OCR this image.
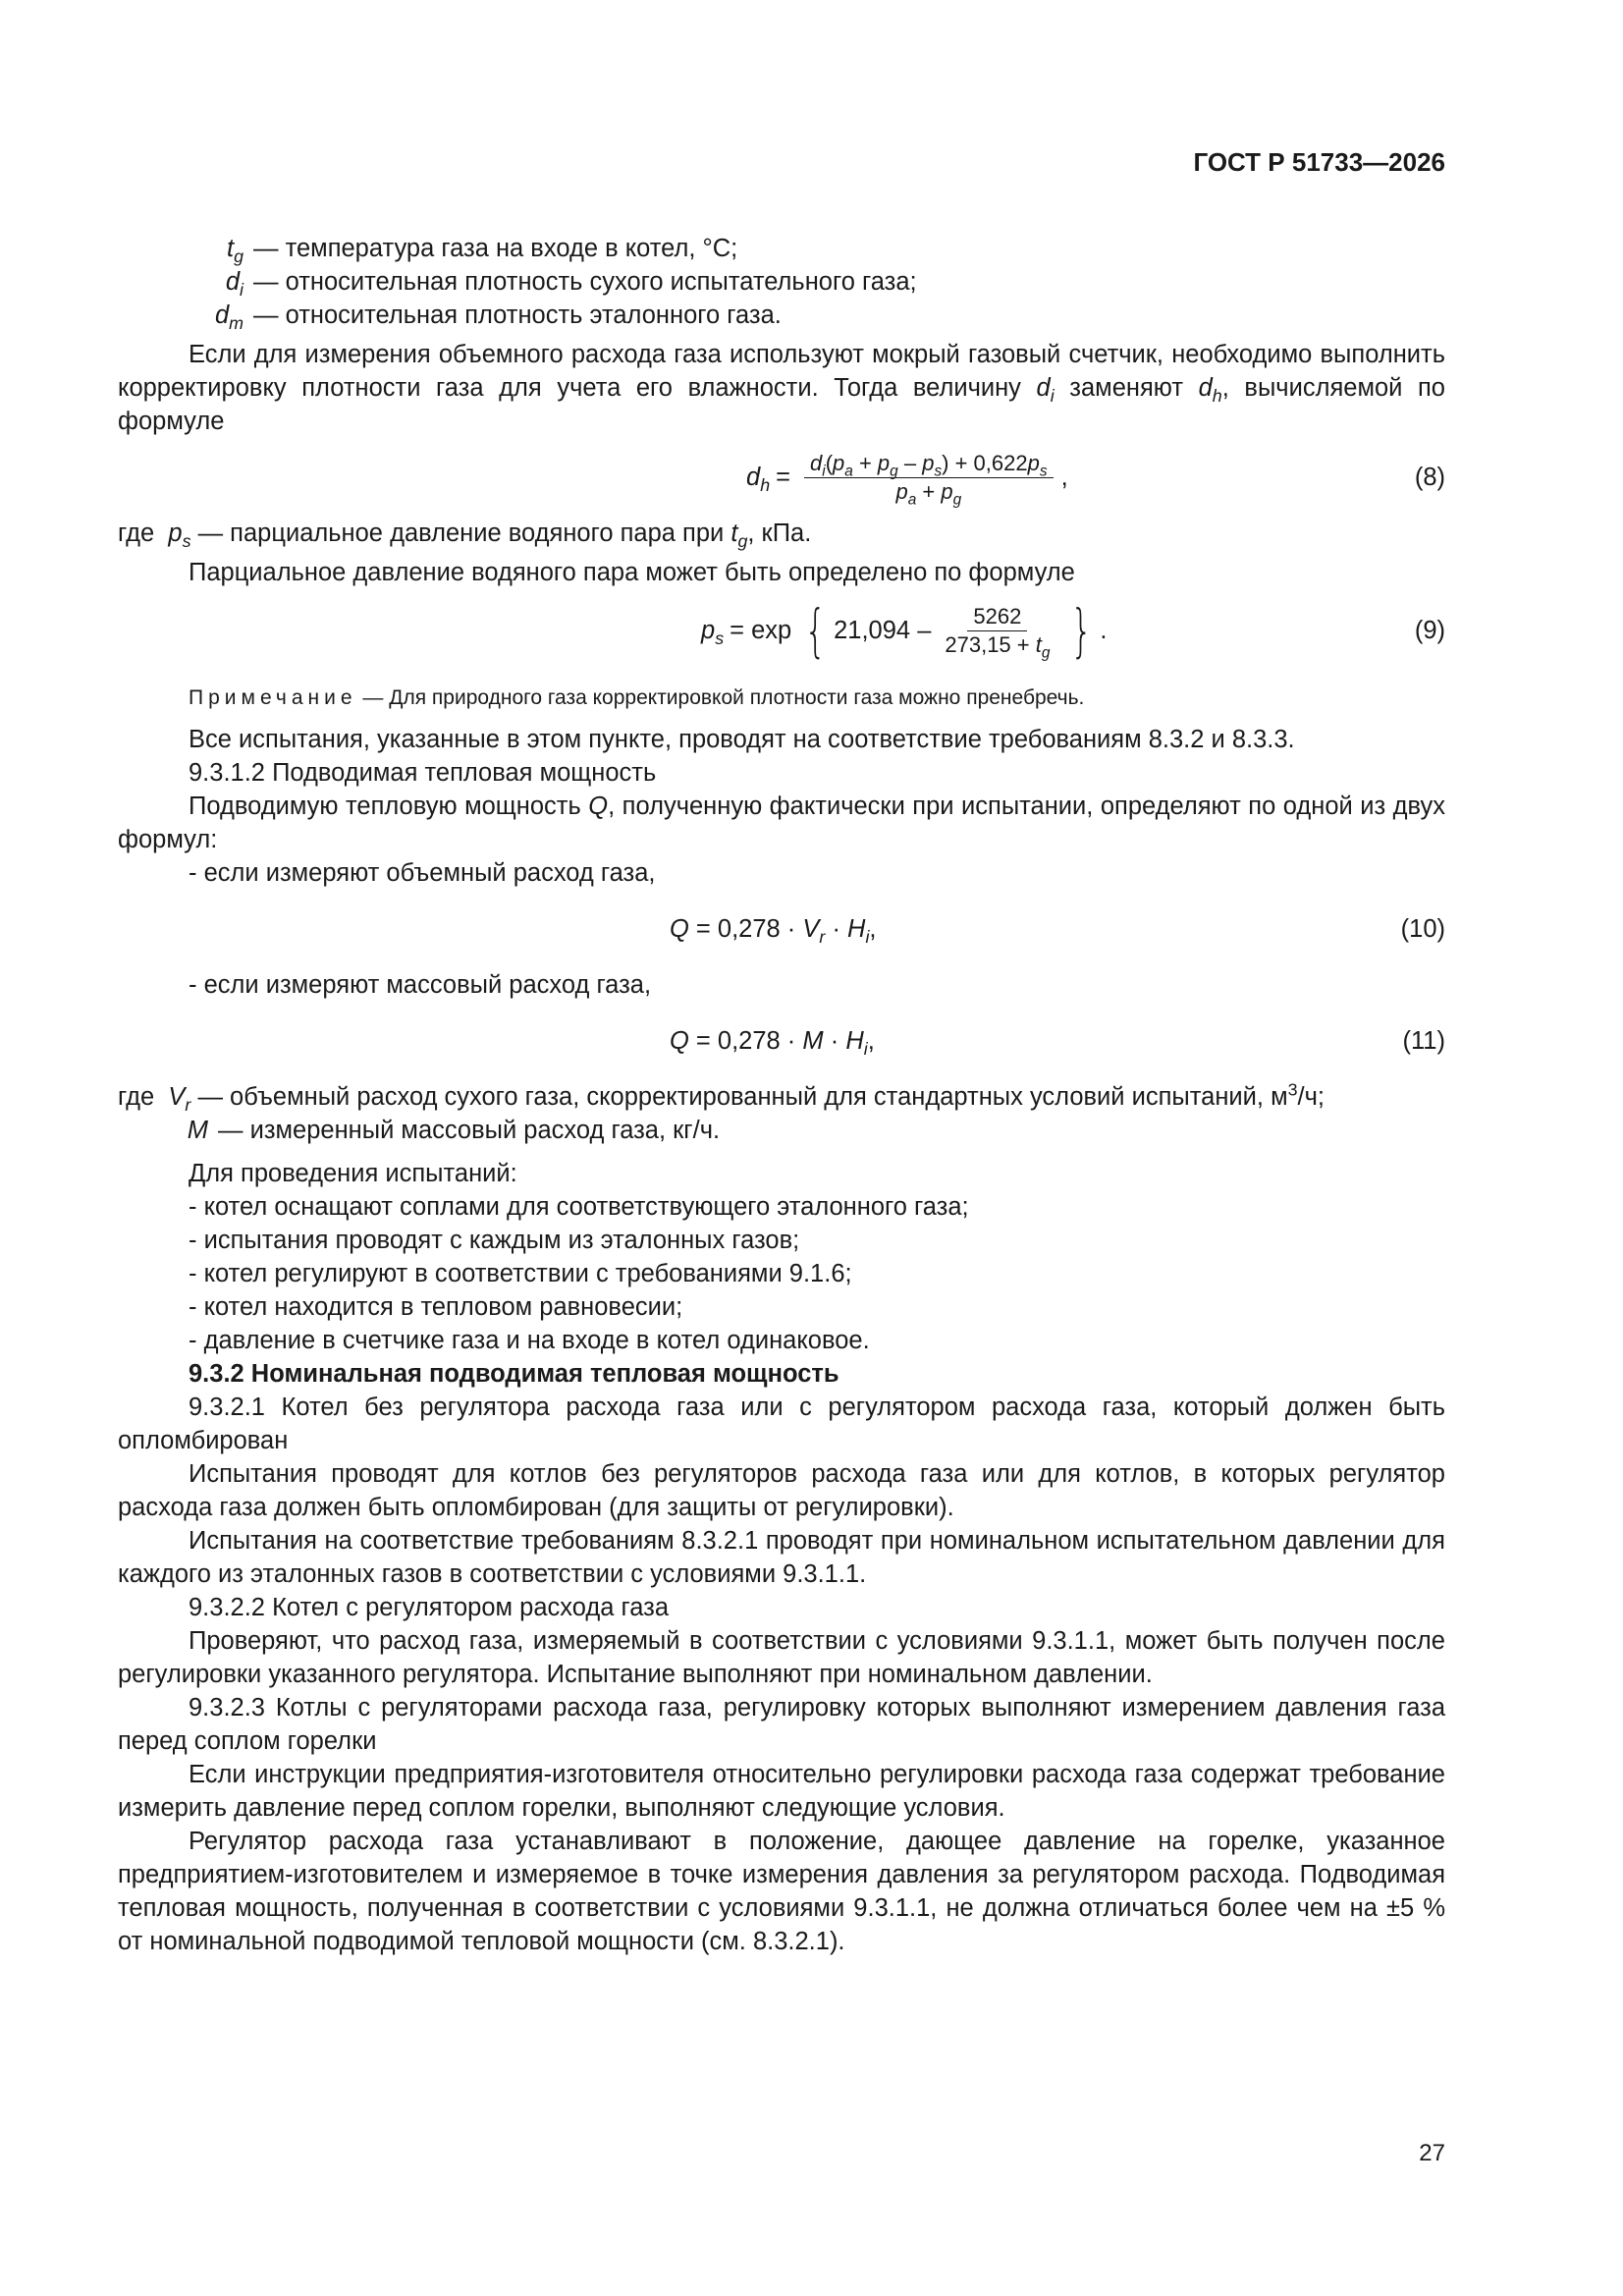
ГОСТ Р 51733—2026
$t_g$ — температура газа на входе в котел, °С;
$d_i$ — относительная плотность сухого испытательного газа;
$d_m$ — относительная плотность эталонного газа.

Если для измерения объемного расхода газа используют мокрый газовый счетчик, необходимо выполнить корректировку плотности газа для учета его влажности. Тогда величину $d_i$ заменяют $d_h$, вычисляемой по формуле

$d_h = \frac{d_i(p_a + p_g - p_s) + 0,622p_s}{p_a + p_g}$ ,	(8)

где $p_s$ — парциальное давление водяного пара при $t_g$, кПа.

Парциальное давление водяного пара может быть определено по формуле

$p_s = \exp$ { $21,094 - \frac{5262}{273,15 + t_g}$ } .	(9)

Примечание — Для природного газа корректировкой плотности газа можно пренебречь.

Все испытания, указанные в этом пункте, проводят на соответствие требованиям 8.3.2 и 8.3.3.

9.3.1.2 Подводимая тепловая мощность

Подводимую тепловую мощность Q, полученную фактически при испытании, определяют по одной из двух формул:

- если измеряют объемный расход газа,

$Q = 0,278 \cdot V_r \cdot H_i$ ,	(10)

- если измеряют массовый расход газа,

$Q = 0,278 \cdot M \cdot H_i$ ,	(11)

где $V_r$ — объемный расход сухого газа, скорректированный для стандартных условий испытаний, $м^3/ч$;

M — измеренный массовый расход газа, кг/ч.

Для проведения испытаний:

- котел оснащают соплами для соответствующего эталонного газа;

- испытания проводят с каждым из эталонных газов;

- котел регулируют в соответствии с требованиями 9.1.6;

- котел находится в тепловом равновесии;

- давление в счетчике газа и на входе в котел одинаковое.

9.3.2 Номинальная подводимая тепловая мощность

9.3.2.1 Котел без регулятора расхода газа или с регулятором расхода газа, который должен быть опломбирован

Испытания проводят для котлов без регуляторов расхода газа или для котлов, в которых регулятор расхода газа должен быть опломбирован (для защиты от регулировки).

Испытания на соответствие требованиям 8.3.2.1 проводят при номинальном испытательном давлении для каждого из эталонных газов в соответствии с условиями 9.3.1.1.

9.3.2.2 Котел с регулятором расхода газа

Проверяют, что расход газа, измеряемый в соответствии с условиями 9.3.1.1, может быть получен после регулировки указанного регулятора. Испытание выполняют при номинальном давлении.

9.3.2.3 Котлы с регуляторами расхода газа, регулировку которых выполняют измерением давления газа перед соплом горелки

Если инструкции предприятия-изготовителя относительно регулировки расхода газа содержат требование измерить давление перед соплом горелки, выполняют следующие условия.

Регулятор расхода газа устанавливают в положение, дающее давление на горелке, указанное предприятием-изготовителем и измеряемое в точке измерения давления за регулятором расхода. Подводимая тепловая мощность, полученная в соответствии с условиями 9.3.1.1, не должна отличаться более чем на ±5 % от номинальной подводимой тепловой мощности (см. 8.3.2.1).

27
